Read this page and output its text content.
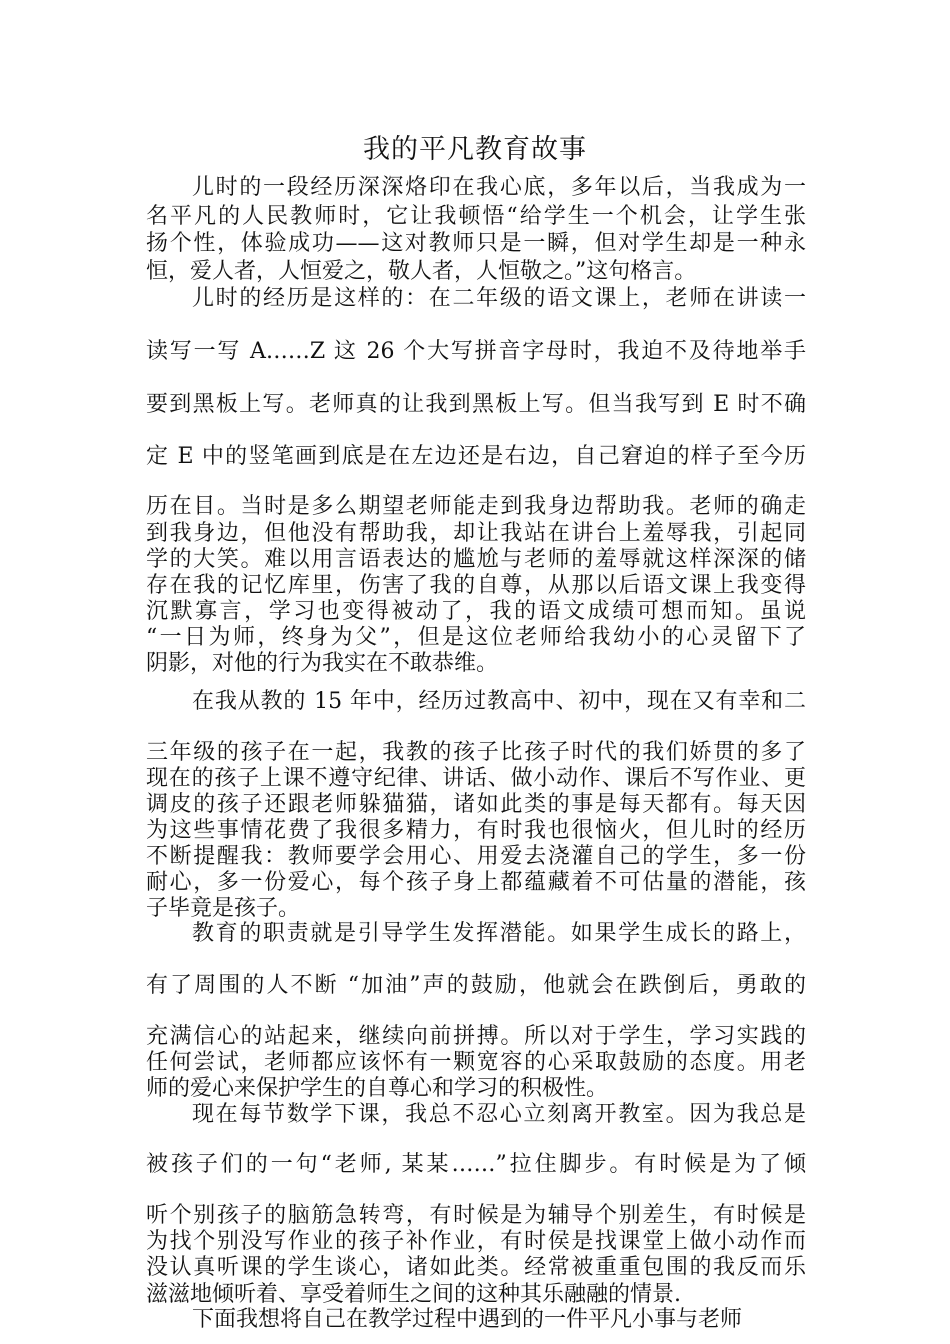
我的平凡教育故事
儿时的一段经历深深烙印在我心底，多年以后，当我成为一
名平凡的人民教师时，它让我顿悟“给学生一个机会，让学生张
扬个性，体验成功——这对教师只是一瞬，但对学生却是一种永
恒，爱人者，人恒爱之，敬人者，人恒敬之。”这句格言。
儿时的经历是这样的：在二年级的语文课上，老师在讲读一
读写一写 A……Z 这 26 个大写拼音字母时，我迫不及待地举手
要到黑板上写。老师真的让我到黑板上写。但当我写到 E 时不确
定 E 中的竖笔画到底是在左边还是右边，自己窘迫的样子至今历
历在目。当时是多么期望老师能走到我身边帮助我。老师的确走
到我身边，但他没有帮助我，却让我站在讲台上羞辱我，引起同
学的大笑。难以用言语表达的尴尬与老师的羞辱就这样深深的储
存在我的记忆库里，伤害了我的自尊，从那以后语文课上我变得
沉默寡言，学习也变得被动了，我的语文成绩可想而知。虽说
“一日为师，终身为父”，但是这位老师给我幼小的心灵留下了
阴影，对他的行为我实在不敢恭维。
在我从教的 15 年中，经历过教高中、初中，现在又有幸和二
三年级的孩子在一起，我教的孩子比孩子时代的我们娇贯的多了
现在的孩子上课不遵守纪律、讲话、做小动作、课后不写作业、更
调皮的孩子还跟老师躲猫猫，诸如此类的事是每天都有。每天因
为这些事情花费了我很多精力，有时我也很恼火，但儿时的经历
不断提醒我：教师要学会用心、用爱去浇灌自己的学生，多一份
耐心，多一份爱心，每个孩子身上都蕴藏着不可估量的潜能，孩
子毕竟是孩子。
教育的职责就是引导学生发挥潜能。如果学生成长的路上，
有了周围的人不断 “加油”声的鼓励，他就会在跌倒后，勇敢的
充满信心的站起来，继续向前拼搏。所以对于学生，学习实践的
任何尝试，老师都应该怀有一颗宽容的心采取鼓励的态度。用老
师的爱心来保护学生的自尊心和学习的积极性。
现在每节数学下课，我总不忍心立刻离开教室。因为我总是
被孩子们的一句“老师, 某某……”拉住脚步。有时候是为了倾
听个别孩子的脑筋急转弯，有时候是为辅导个别差生，有时候是
为找个别没写作业的孩子补作业，有时侯是找课堂上做小动作而
没认真听课的学生谈心，诸如此类。经常被重重包围的我反而乐
滋滋地倾听着、享受着师生之间的这种其乐融融的情景.
下面我想将自己在教学过程中遇到的一件平凡小事与老师
